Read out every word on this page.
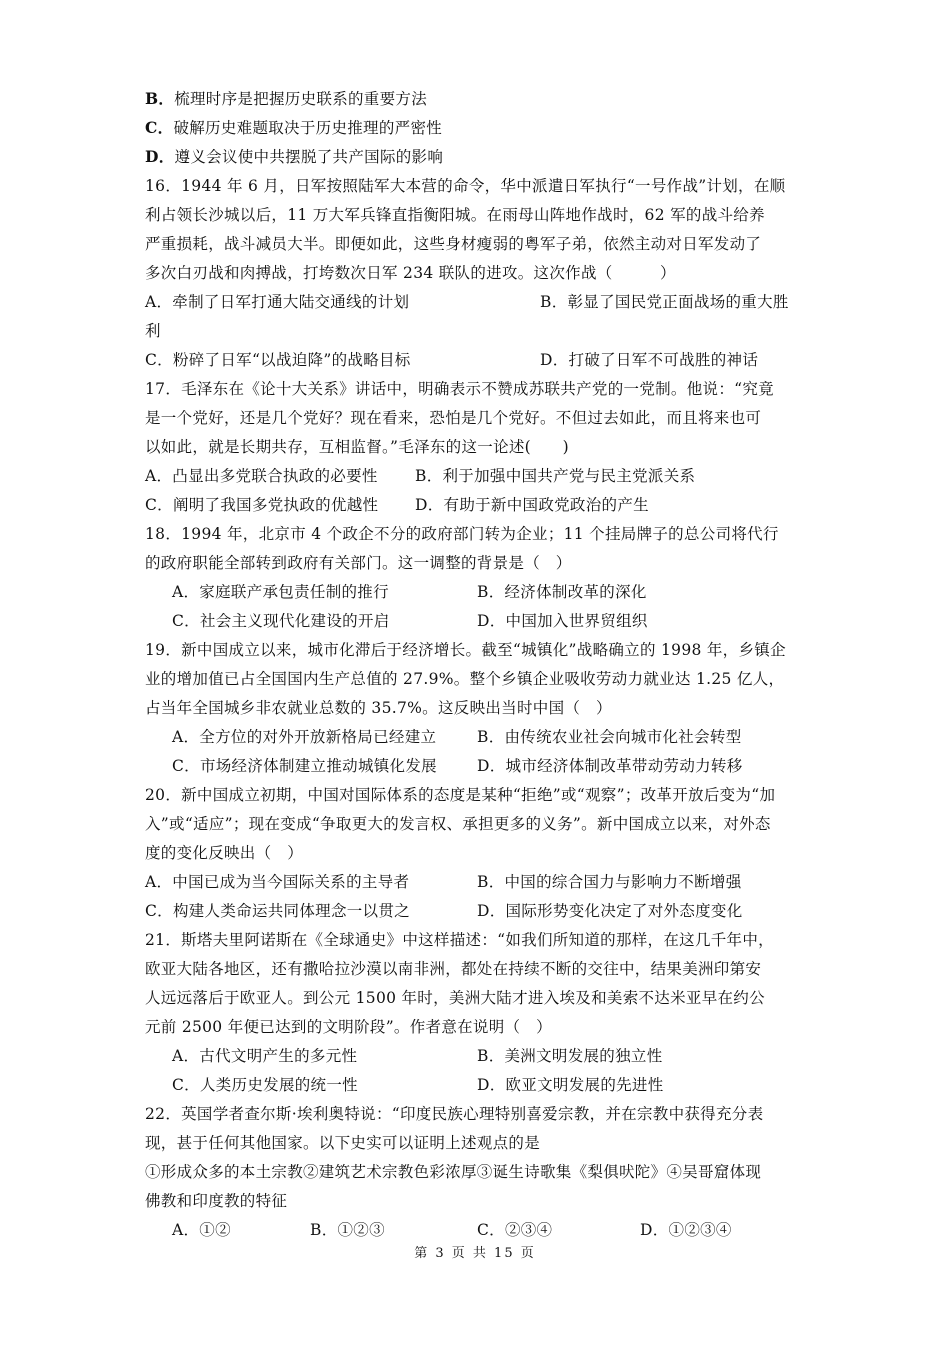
B．梳理时序是把握历史联系的重要方法
C．破解历史难题取决于历史推理的严密性
D．遵义会议使中共摆脱了共产国际的影响
16．1944 年 6 月，日军按照陆军大本营的命令，华中派遣日军执行“一号作战”计划，在顺
利占领长沙城以后，11 万大军兵锋直指衡阳城。在雨母山阵地作战时，62 军的战斗给养
严重损耗，战斗减员大半。即便如此，这些身材瘦弱的粤军子弟，依然主动对日军发动了
多次白刃战和肉搏战，打垮数次日军 234 联队的进攻。这次作战（　　　）
A．牵制了日军打通大陆交通线的计划	B．彰显了国民党正面战场的重大胜
利
C．粉碎了日军“以战迫降”的战略目标	D．打破了日军不可战胜的神话
17．毛泽东在《论十大关系》讲话中，明确表示不赞成苏联共产党的一党制。他说：“究竟
是一个党好，还是几个党好？现在看来，恐怕是几个党好。不但过去如此，而且将来也可
以如此，就是长期共存，互相监督。”毛泽东的这一论述(　　)
A．凸显出多党联合执政的必要性 B．利于加强中国共产党与民主党派关系
C．阐明了我国多党执政的优越性 D．有助于新中国政党政治的产生
18．1994 年，北京市 4 个政企不分的政府部门转为企业；11 个挂局牌子的总公司将代行
的政府职能全部转到政府有关部门。这一调整的背景是（　）
A．家庭联产承包责任制的推行	B．经济体制改革的深化
C．社会主义现代化建设的开启	D．中国加入世界贸组织
19．新中国成立以来，城市化滞后于经济增长。截至“城镇化”战略确立的 1998 年，乡镇企
业的增加值已占全国国内生产总值的 27.9%。整个乡镇企业吸收劳动力就业达 1.25 亿人，
占当年全国城乡非农就业总数的 35.7%。这反映出当时中国（　）
A．全方位的对外开放新格局已经建立	B．由传统农业社会向城市化社会转型
C．市场经济体制建立推动城镇化发展	D．城市经济体制改革带动劳动力转移
20．新中国成立初期，中国对国际体系的态度是某种“拒绝”或“观察”；改革开放后变为“加
入”或“适应”；现在变成“争取更大的发言权、承担更多的义务”。新中国成立以来，对外态
度的变化反映出（　）
A．中国已成为当今国际关系的主导者	B．中国的综合国力与影响力不断增强
C．构建人类命运共同体理念一以贯之	D．国际形势变化决定了对外态度变化
21．斯塔夫里阿诺斯在《全球通史》中这样描述：“如我们所知道的那样，在这几千年中，
欧亚大陆各地区，还有撒哈拉沙漠以南非洲，都处在持续不断的交往中，结果美洲印第安
人远远落后于欧亚人。到公元 1500 年时，美洲大陆才进入埃及和美索不达米亚早在约公
元前 2500 年便已达到的文明阶段”。作者意在说明（　）
A．古代文明产生的多元性	B．美洲文明发展的独立性
C．人类历史发展的统一性	D．欧亚文明发展的先进性
22．英国学者查尔斯·埃利奥特说：“印度民族心理特别喜爱宗教，并在宗教中获得充分表
现，甚于任何其他国家。以下史实可以证明上述观点的是
①形成众多的本土宗教②建筑艺术宗教色彩浓厚③诞生诗歌集《梨俱吠陀》④吴哥窟体现
佛教和印度教的特征
A．①②	B．①②③	C．②③④	D．①②③④
第 3 页 共 15 页
